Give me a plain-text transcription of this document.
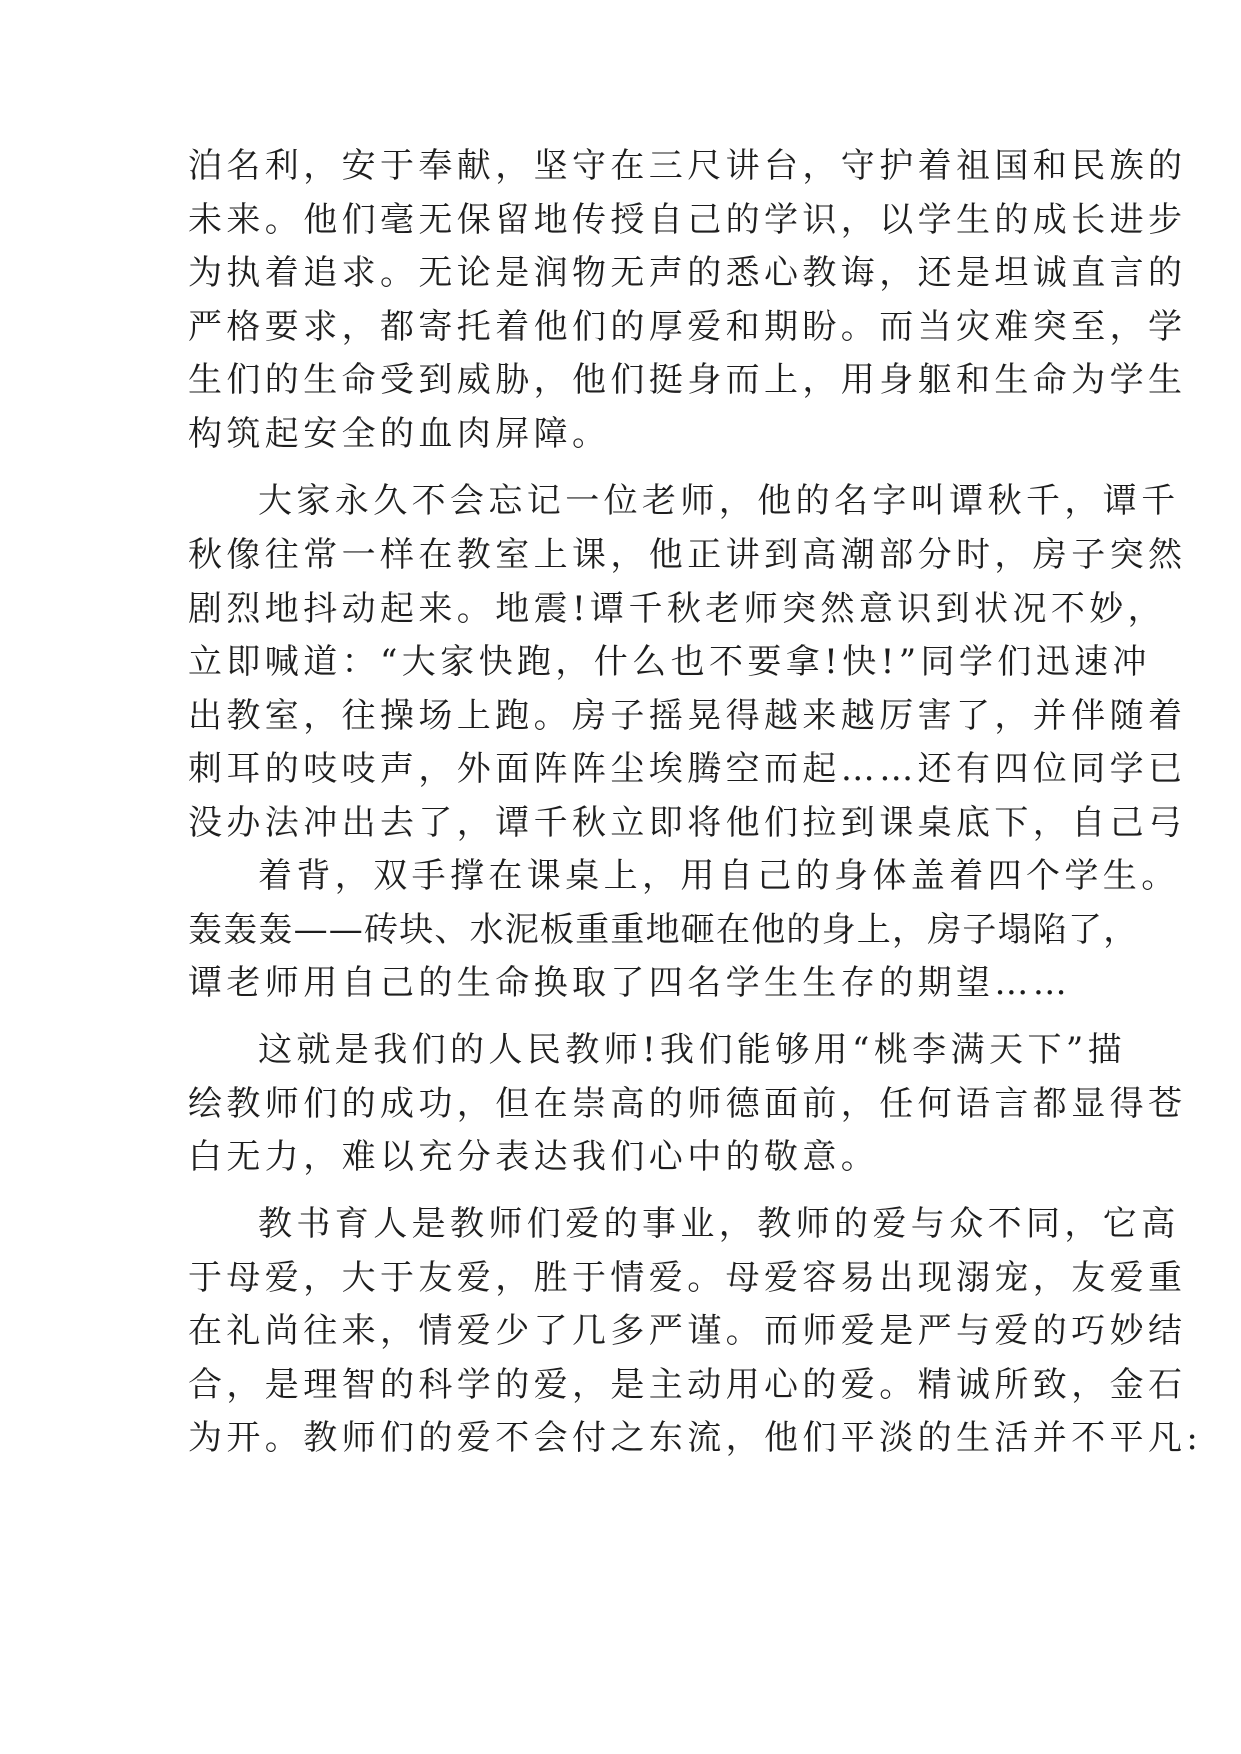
泊名利，安于奉献，坚守在三尺讲台，守护着祖国和民族的
未来。他们毫无保留地传授自己的学识，以学生的成长进步
为执着追求。无论是润物无声的悉心教诲，还是坦诚直言的
严格要求，都寄托着他们的厚爱和期盼。而当灾难突至，学
生们的生命受到威胁，他们挺身而上，用身躯和生命为学生
构筑起安全的血肉屏障。
大家永久不会忘记一位老师，他的名字叫谭秋千，谭千
秋像往常一样在教室上课，他正讲到高潮部分时，房子突然
剧烈地抖动起来。地震!谭千秋老师突然意识到状况不妙，
立即喊道：“大家快跑，什么也不要拿!快!”同学们迅速冲
出教室，往操场上跑。房子摇晃得越来越厉害了，并伴随着
刺耳的吱吱声，外面阵阵尘埃腾空而起……还有四位同学已
没办法冲出去了，谭千秋立即将他们拉到课桌底下，自己弓
着背，双手撑在课桌上，用自己的身体盖着四个学生。
轰轰轰——砖块、水泥板重重地砸在他的身上，房子塌陷了，
谭老师用自己的生命换取了四名学生生存的期望……
这就是我们的人民教师!我们能够用“桃李满天下”描
绘教师们的成功，但在崇高的师德面前，任何语言都显得苍
白无力，难以充分表达我们心中的敬意。
教书育人是教师们爱的事业，教师的爱与众不同，它高
于母爱，大于友爱，胜于情爱。母爱容易出现溺宠，友爱重
在礼尚往来，情爱少了几多严谨。而师爱是严与爱的巧妙结
合，是理智的科学的爱，是主动用心的爱。精诚所致，金石
为开。教师们的爱不会付之东流，他们平淡的生活并不平凡:
